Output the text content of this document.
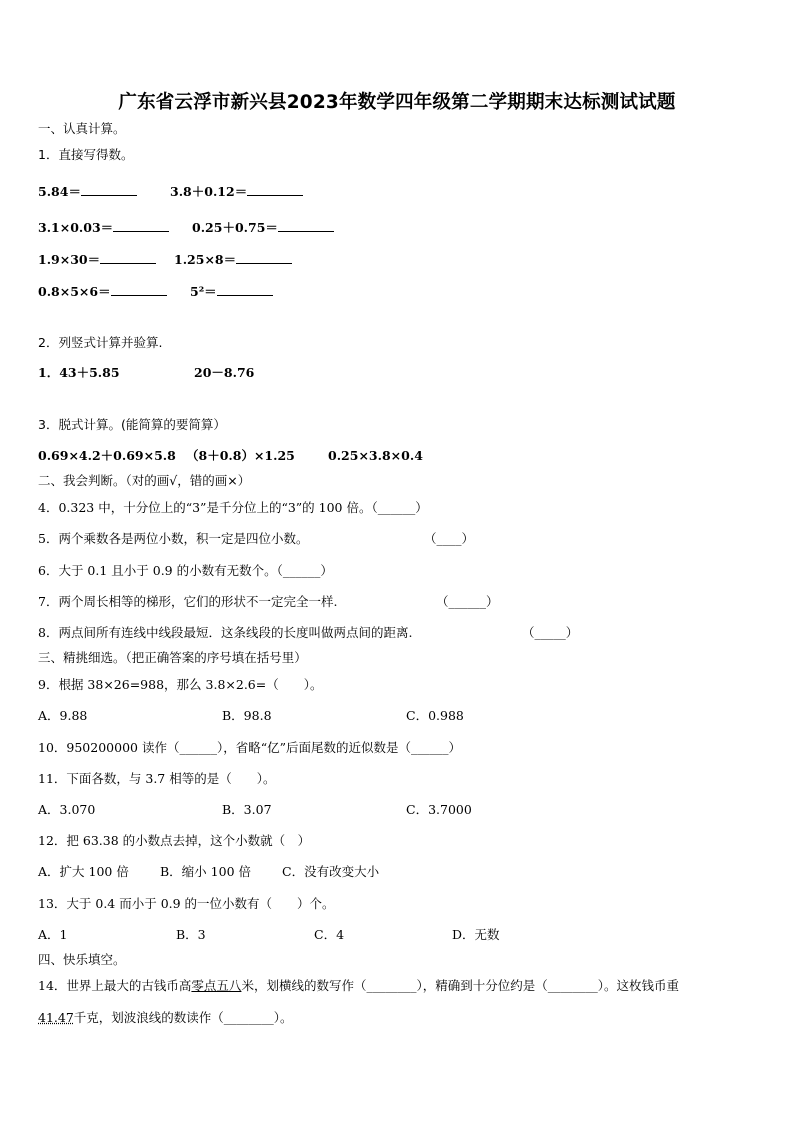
广东省云浮市新兴县2023年数学四年级第二学期期末达标测试试题
一、认真计算。
1．直接写得数。
5.84＝	3.8＋0.12＝
3.1×0.03＝	0.25＋0.75＝
1.9×30＝	1.25×8＝
0.8×5×6＝	5²＝
2．列竖式计算并验算.
1．43＋5.85	20－8.76
3．脱式计算。(能简算的要简算）
0.69×4.2＋0.69×5.8 （8＋0.8）×1.25	0.25×3.8×0.4
二、我会判断。（对的画√，错的画×）
4．0.323 中，十分位上的“3”是千分位上的“3”的 100 倍。（______）
5．两个乘数各是两位小数，积一定是四位小数。	（____）
6．大于 0.1 且小于 0.9 的小数有无数个。（______）
7．两个周长相等的梯形，它们的形状不一定完全一样.	（______）
8．两点间所有连线中线段最短．这条线段的长度叫做两点间的距离.	（_____）
三、精挑细选。（把正确答案的序号填在括号里）
9．根据 38×26=988，那么 3.8×2.6=（　　）。
A．9.88	B．98.8	C．0.988
10．950200000 读作（______），省略“亿”后面尾数的近似数是（______）
11．下面各数，与 3.7 相等的是（　　）。
A．3.070	B．3.07	C．3.7000
12．把 63.38 的小数点去掉，这个小数就（　）
A．扩大 100 倍 B．缩小 100 倍 C．没有改变大小
13．大于 0.4 而小于 0.9 的一位小数有（　　）个。
A．1	B．3	C．4	D．无数
四、快乐填空。
14．世界上最大的古钱币高零点五八米，划横线的数写作（________），精确到十分位约是（________）。这枚钱币重
41.47千克，划波浪线的数读作（________）。
